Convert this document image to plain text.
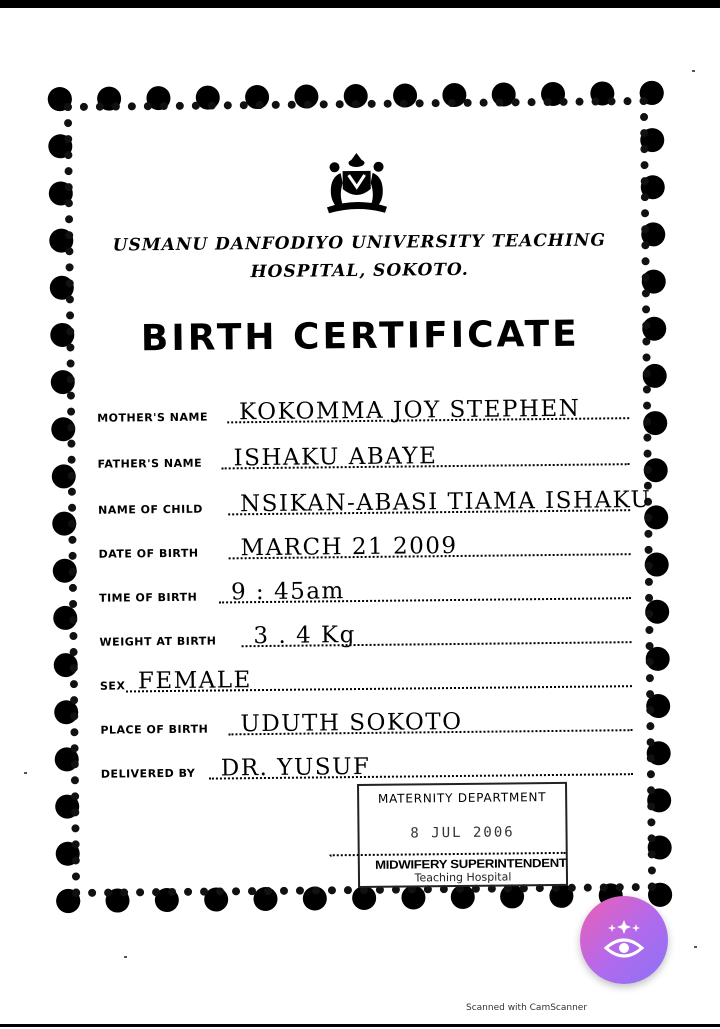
USMANU DANFODIYO UNIVERSITY TEACHING
HOSPITAL, SOKOTO.
BIRTH CERTIFICATE
MOTHER'S NAME KOKOMMA JOY STEPHEN
FATHER'S NAME ISHAKU ABAYE
NAME OF CHILD NSIKAN-ABASI TIAMA ISHAKU
DATE OF BIRTH MARCH 21 2009
TIME OF BIRTH 9 : 45am
WEIGHT AT BIRTH 3 . 4 Kg
SEX FEMALE
PLACE OF BIRTH UDUTH SOKOTO
DELIVERED BY DR. YUSUF
MATERNITY DEPARTMENT
8 JUL 2006
MIDWIFERY SUPERINTENDENT
Teaching Hospital
Scanned with CamScanner
